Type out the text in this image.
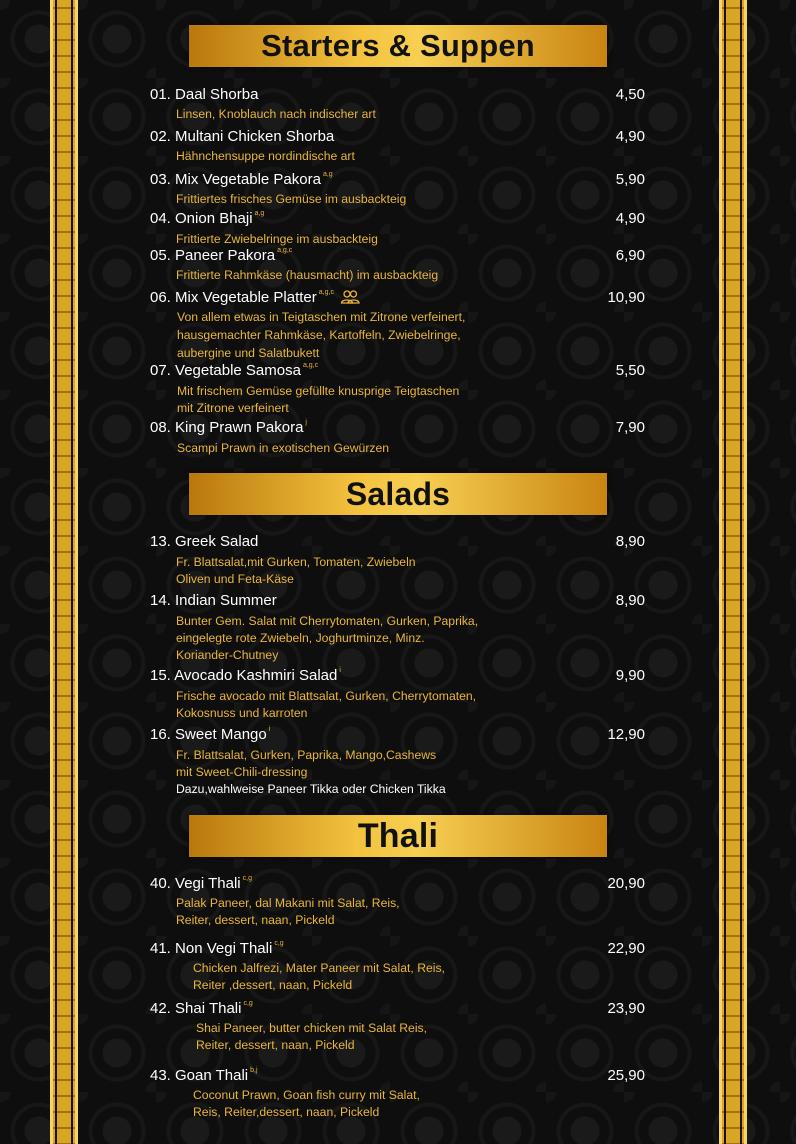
Starters & Suppen
01. Daal Shorba	4,50
Linsen, Knoblauch nach indischer art
02. Multani Chicken Shorba	4,90
Hähnchensuppe nordindische art
03. Mix Vegetable Pakora $^{a,g}$	5,90
Frittiertes frisches Gemüse im ausbackteig
04. Onion Bhaji $^{a,g}$	4,90
Frittierte Zwiebelringe im ausbackteig
05. Paneer Pakora $^{a,g,c}$	6,90
Frittierte Rahmkäse (hausmacht) im ausbackteig
06. Mix Vegetable Platter $^{a,g,c}$	10,90
Von allem etwas in Teigtaschen mit Zitrone verfeinert,
hausgemachter Rahmkäse, Kartoffeln, Zwiebelringe,
aubergine und Salatbukett
07. Vegetable Samosa $^{a,g,c}$	5,50
Mit frischem Gemüse gefüllte knusprige Teigtaschen
mit Zitrone verfeinert
08. King Prawn Pakora $^j$	7,90
Scampi Prawn in exotischen Gewürzen
Salads
13. Greek Salad	8,90
Fr. Blattsalat,mit Gurken, Tomaten, Zwiebeln
Oliven und Feta-Käse
14. Indian Summer	8,90
Bunter Gem. Salat mit Cherrytomaten, Gurken, Paprika,
eingelegte rote Zwiebeln, Joghurtminze, Minz.
Koriander-Chutney
15. Avocado Kashmiri Salad $^i$	9,90
Frische avocado mit Blattsalat, Gurken, Cherrytomaten,
Kokosnuss und karroten
16. Sweet Mango $^i$	12,90
Fr. Blattsalat, Gurken, Paprika, Mango,Cashews
mit Sweet-Chili-dressing
Dazu,wahlweise Paneer Tikka oder Chicken Tikka
Thali
40. Vegi Thali $^{c,g}$	20,90
Palak Paneer, dal Makani mit Salat, Reis,
Reiter, dessert, naan, Pickeld
41. Non Vegi Thali $^{c,g}$	22,90
Chicken Jalfrezi, Mater Paneer mit Salat, Reis,
Reiter ,dessert, naan, Pickeld
42. Shai Thali $^{c,g}$	23,90
Shai Paneer, butter chicken mit Salat Reis,
Reiter, dessert, naan, Pickeld
43. Goan Thali $^{b,j}$	25,90
Coconut Prawn, Goan fish curry mit Salat,
Reis, Reiter,dessert, naan, Pickeld
